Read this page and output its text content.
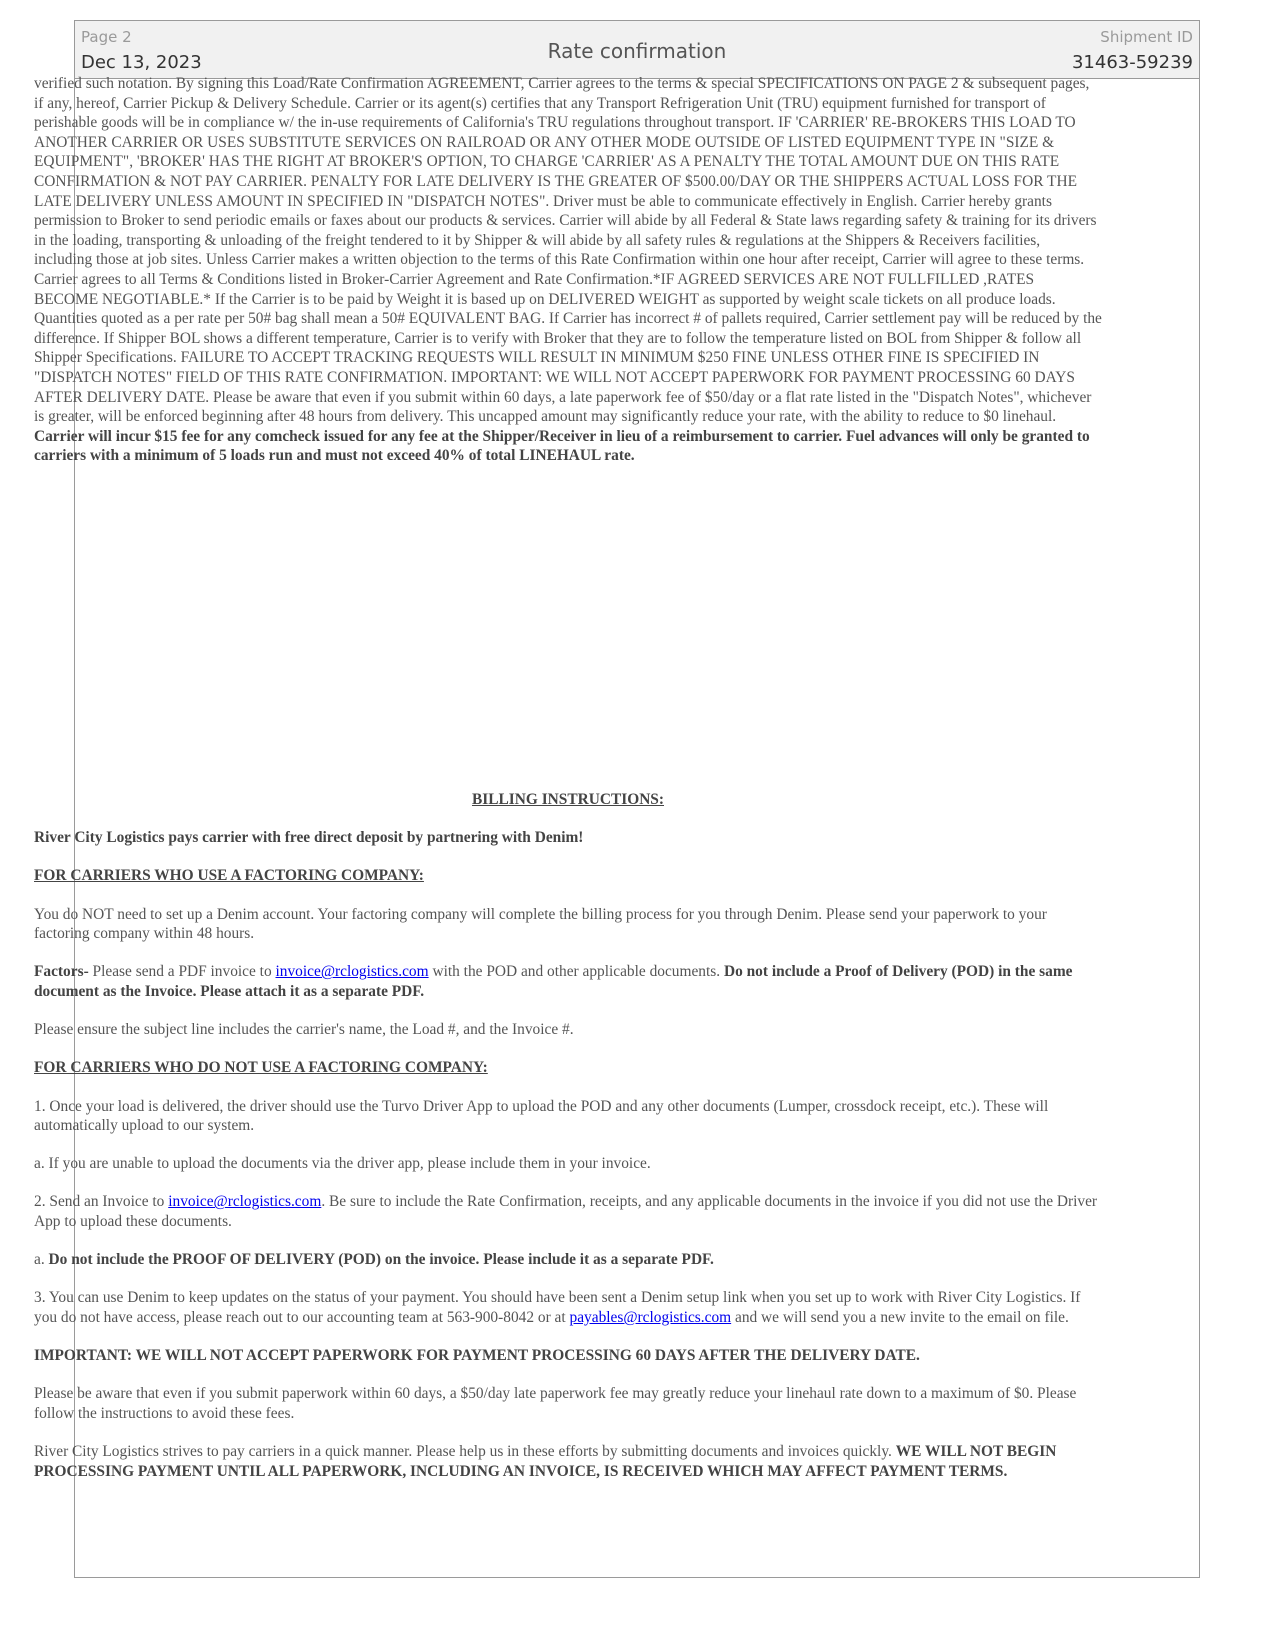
Page 2
Dec 13, 2023	Rate confirmation
Shipment ID
31463-59239

verified such notation. By signing this Load/Rate Confirmation AGREEMENT, Carrier agrees to the terms & special SPECIFICATIONS ON PAGE 2 & subsequent pages, if any, hereof, Carrier Pickup & Delivery Schedule. Carrier or its agent(s) certifies that any Transport Refrigeration Unit (TRU) equipment furnished for transport of perishable goods will be in compliance w/ the in-use requirements of California's TRU regulations throughout transport. IF 'CARRIER' RE-BROKERS THIS LOAD TO ANOTHER CARRIER OR USES SUBSTITUTE SERVICES ON RAILROAD OR ANY OTHER MODE OUTSIDE OF LISTED EQUIPMENT TYPE IN "SIZE & EQUIPMENT", 'BROKER' HAS THE RIGHT AT BROKER'S OPTION, TO CHARGE 'CARRIER' AS A PENALTY THE TOTAL AMOUNT DUE ON THIS RATE CONFIRMATION & NOT PAY CARRIER. PENALTY FOR LATE DELIVERY IS THE GREATER OF $500.00/DAY OR THE SHIPPERS ACTUAL LOSS FOR THE LATE DELIVERY UNLESS AMOUNT IN SPECIFIED IN "DISPATCH NOTES". Driver must be able to communicate effectively in English. Carrier hereby grants permission to Broker to send periodic emails or faxes about our products & services. Carrier will abide by all Federal & State laws regarding safety & training for its drivers in the loading, transporting & unloading of the freight tendered to it by Shipper & will abide by all safety rules & regulations at the Shippers & Receivers facilities, including those at job sites. Unless Carrier makes a written objection to the terms of this Rate Confirmation within one hour after receipt, Carrier will agree to these terms. Carrier agrees to all Terms & Conditions listed in Broker-Carrier Agreement and Rate Confirmation.*IF AGREED SERVICES ARE NOT FULLFILLED ,RATES BECOME NEGOTIABLE.* If the Carrier is to be paid by Weight it is based up on DELIVERED WEIGHT as supported by weight scale tickets on all produce loads. Quantities quoted as a per rate per 50# bag shall mean a 50# EQUIVALENT BAG. If Carrier has incorrect # of pallets required, Carrier settlement pay will be reduced by the difference. If Shipper BOL shows a different temperature, Carrier is to verify with Broker that they are to follow the temperature listed on BOL from Shipper & follow all Shipper Specifications. FAILURE TO ACCEPT TRACKING REQUESTS WILL RESULT IN MINIMUM $250 FINE UNLESS OTHER FINE IS SPECIFIED IN "DISPATCH NOTES" FIELD OF THIS RATE CONFIRMATION. IMPORTANT: WE WILL NOT ACCEPT PAPERWORK FOR PAYMENT PROCESSING 60 DAYS AFTER DELIVERY DATE. Please be aware that even if you submit within 60 days, a late paperwork fee of $50/day or a flat rate listed in the "Dispatch Notes", whichever is greater, will be enforced beginning after 48 hours from delivery. This uncapped amount may significantly reduce your rate, with the ability to reduce to $0 linehaul. Carrier will incur $15 fee for any comcheck issued for any fee at the Shipper/Receiver in lieu of a reimbursement to carrier. Fuel advances will only be granted to carriers with a minimum of 5 loads run and must not exceed 40% of total LINEHAUL rate.

BILLING INSTRUCTIONS:

River City Logistics pays carrier with free direct deposit by partnering with Denim!

FOR CARRIERS WHO USE A FACTORING COMPANY:

You do NOT need to set up a Denim account. Your factoring company will complete the billing process for you through Denim. Please send your paperwork to your factoring company within 48 hours.

Factors- Please send a PDF invoice to invoice@rclogistics.com with the POD and other applicable documents. Do not include a Proof of Delivery (POD) in the same document as the Invoice. Please attach it as a separate PDF.

Please ensure the subject line includes the carrier's name, the Load #, and the Invoice #.

FOR CARRIERS WHO DO NOT USE A FACTORING COMPANY:

1. Once your load is delivered, the driver should use the Turvo Driver App to upload the POD and any other documents (Lumper, crossdock receipt, etc.). These will automatically upload to our system.

a. If you are unable to upload the documents via the driver app, please include them in your invoice.

2. Send an Invoice to invoice@rclogistics.com. Be sure to include the Rate Confirmation, receipts, and any applicable documents in the invoice if you did not use the Driver App to upload these documents.

a. Do not include the PROOF OF DELIVERY (POD) on the invoice. Please include it as a separate PDF.

3. You can use Denim to keep updates on the status of your payment. You should have been sent a Denim setup link when you set up to work with River City Logistics. If you do not have access, please reach out to our accounting team at 563-900-8042 or at payables@rclogistics.com and we will send you a new invite to the email on file.

IMPORTANT: WE WILL NOT ACCEPT PAPERWORK FOR PAYMENT PROCESSING 60 DAYS AFTER THE DELIVERY DATE.

Please be aware that even if you submit paperwork within 60 days, a $50/day late paperwork fee may greatly reduce your linehaul rate down to a maximum of $0. Please follow the instructions to avoid these fees.

River City Logistics strives to pay carriers in a quick manner. Please help us in these efforts by submitting documents and invoices quickly. WE WILL NOT BEGIN PROCESSING PAYMENT UNTIL ALL PAPERWORK, INCLUDING AN INVOICE, IS RECEIVED WHICH MAY AFFECT PAYMENT TERMS.
